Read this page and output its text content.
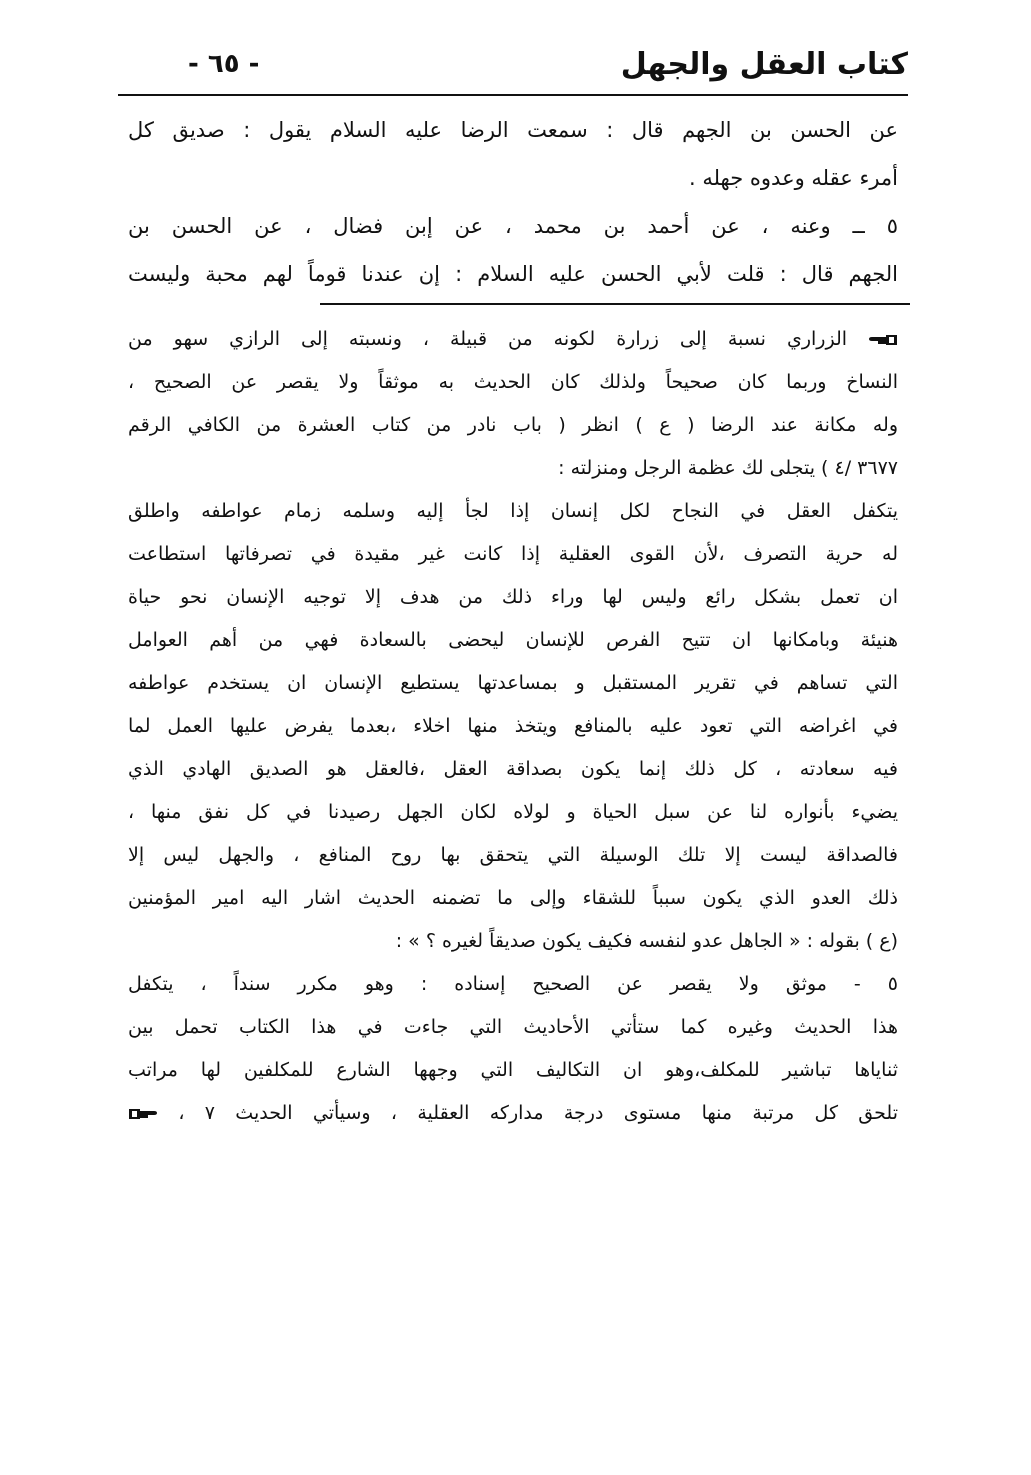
كتاب العقل والجهل
- ٦٥ -
عن الحسن بن الجهم قال : سمعت الرضا عليه السلام يقول : صديق كل
أمرء عقله وعدوه جهله .
٥ ــ وعنه ، عن أحمد بن محمد ، عن إبن فضال ، عن الحسن بن
الجهم قال : قلت لأبي الحسن عليه السلام : إن عندنا قوماً لهم محبة وليست
الزراري نسبة إلى زرارة لكونه من قبيلة ، ونسبته إلى الرازي سهو من
النساخ وربما كان صحيحاً ولذلك كان الحديث به موثقاً ولا يقصر عن الصحيح ،
وله مكانة عند الرضا ( ع ) انظر ( باب نادر من كتاب العشرة من الكافي الرقم
٣٦٧٧ /٤ ) يتجلى لك عظمة الرجل ومنزلته :
يتكفل العقل في النجاح لكل إنسان إذا لجأ إليه وسلمه زمام عواطفه واطلق
له حرية التصرف ،لأن القوى العقلية إذا كانت غير مقيدة في تصرفاتها استطاعت
ان تعمل بشكل رائع وليس لها وراء ذلك من هدف إلا توجيه الإنسان نحو حياة
هنيئة وبامكانها ان تتيح الفرص للإنسان ليحضى بالسعادة فهي من أهم العوامل
التي تساهم في تقرير المستقبل و بمساعدتها يستطيع الإنسان ان يستخدم عواطفه
في اغراضه التي تعود عليه بالمنافع ويتخذ منها اخلاء ،بعدما يفرض عليها العمل لما
فيه سعادته ، كل ذلك إنما يكون بصداقة العقل ،فالعقل هو الصديق الهادي الذي
يضيء بأنواره لنا عن سبل الحياة و لولاه لكان الجهل رصيدنا في كل نفق منها ،
فالصداقة ليست إلا تلك الوسيلة التي يتحقق بها روح المنافع ، والجهل ليس إلا
ذلك العدو الذي يكون سبباً للشقاء وإلى ما تضمنه الحديث اشار اليه امير المؤمنين
(ع ) بقوله : « الجاهل عدو لنفسه فكيف يكون صديقاً لغيره ؟ » :
٥ - موثق ولا يقصر عن الصحيح إسناده : وهو مكرر سنداً ، يتكفل
هذا الحديث وغيره كما ستأتي الأحاديث التي جاءت في هذا الكتاب تحمل بين
ثناياها تباشير للمكلف،وهو ان التكاليف التي وجهها الشارع للمكلفين لها مراتب
تلحق كل مرتبة منها مستوى درجة مداركه العقلية ، وسيأتي الحديث ٧ ،
